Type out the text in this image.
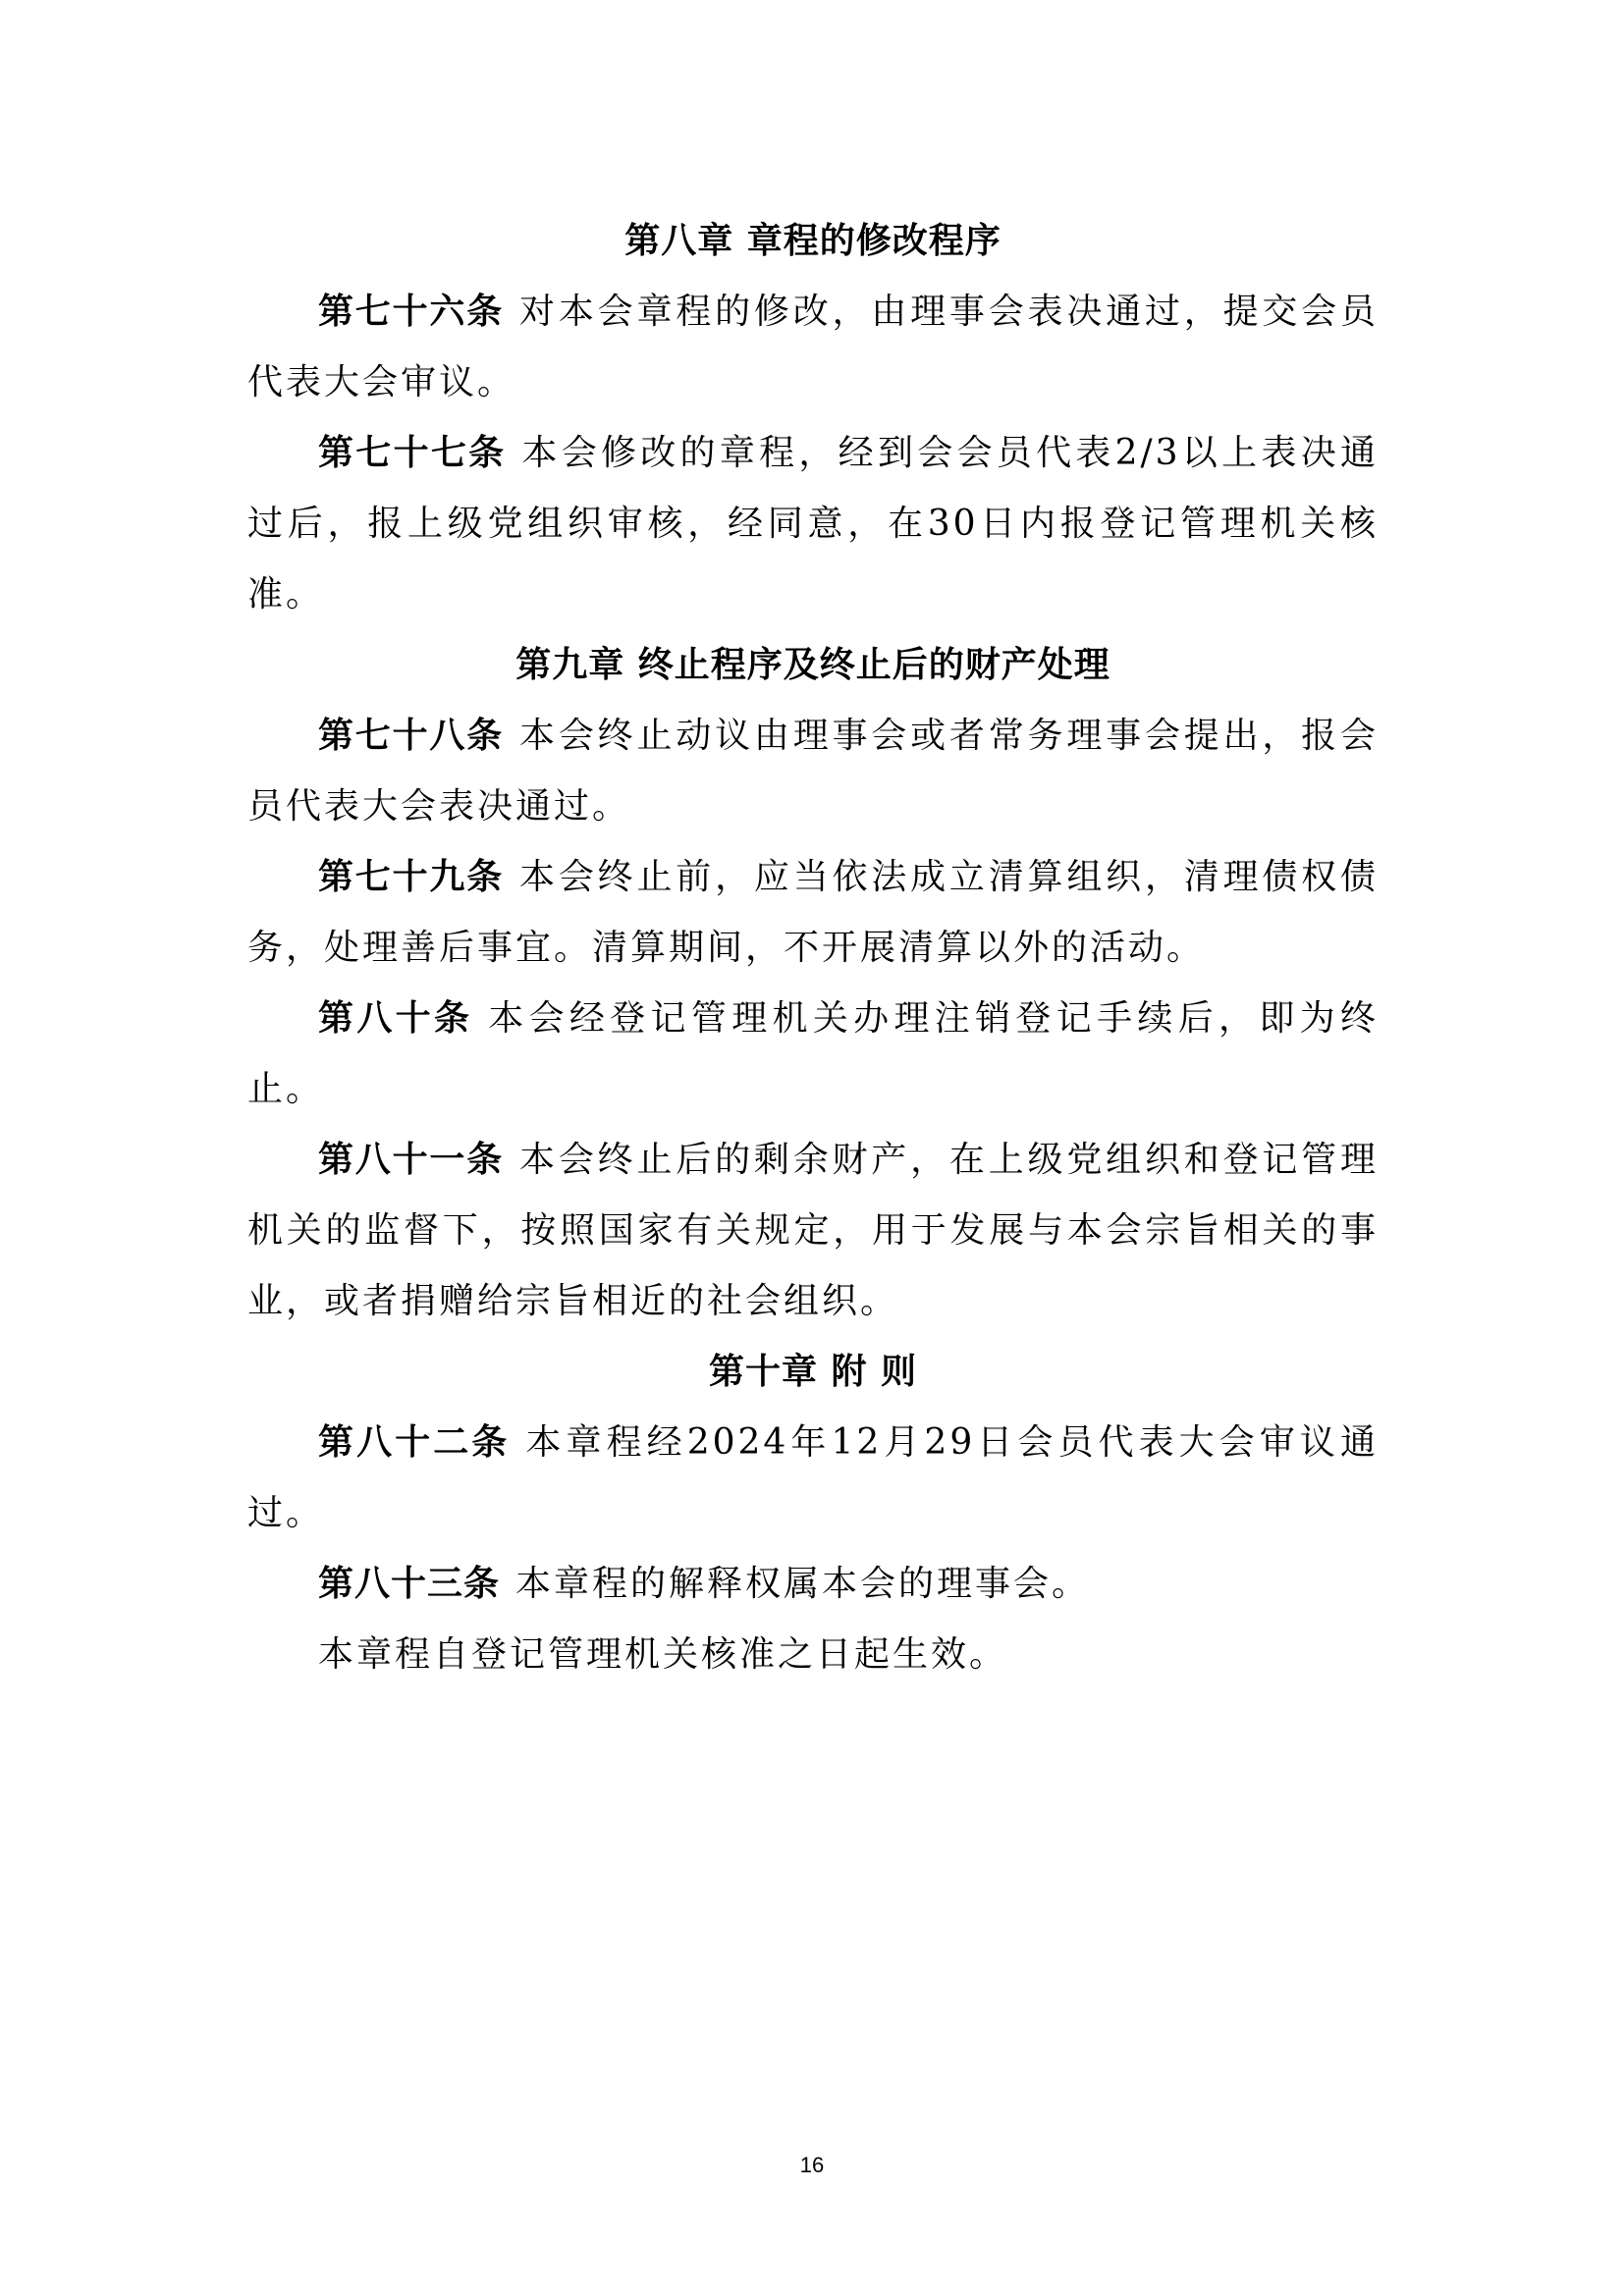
第八章 章程的修改程序

第七十六条 对本会章程的修改，由理事会表决通过，提交会员代表大会审议。

第七十七条 本会修改的章程，经到会会员代表2/3以上表决通过后，报上级党组织审核，经同意，在30日内报登记管理机关核准。

第九章 终止程序及终止后的财产处理

第七十八条 本会终止动议由理事会或者常务理事会提出，报会员代表大会表决通过。

第七十九条 本会终止前，应当依法成立清算组织，清理债权债务，处理善后事宜。清算期间，不开展清算以外的活动。

第八十条 本会经登记管理机关办理注销登记手续后，即为终止。

第八十一条 本会终止后的剩余财产，在上级党组织和登记管理机关的监督下，按照国家有关规定，用于发展与本会宗旨相关的事业，或者捐赠给宗旨相近的社会组织。

第十章 附 则

第八十二条 本章程经2024年12月29日会员代表大会审议通过。

第八十三条 本章程的解释权属本会的理事会。

本章程自登记管理机关核准之日起生效。

16
